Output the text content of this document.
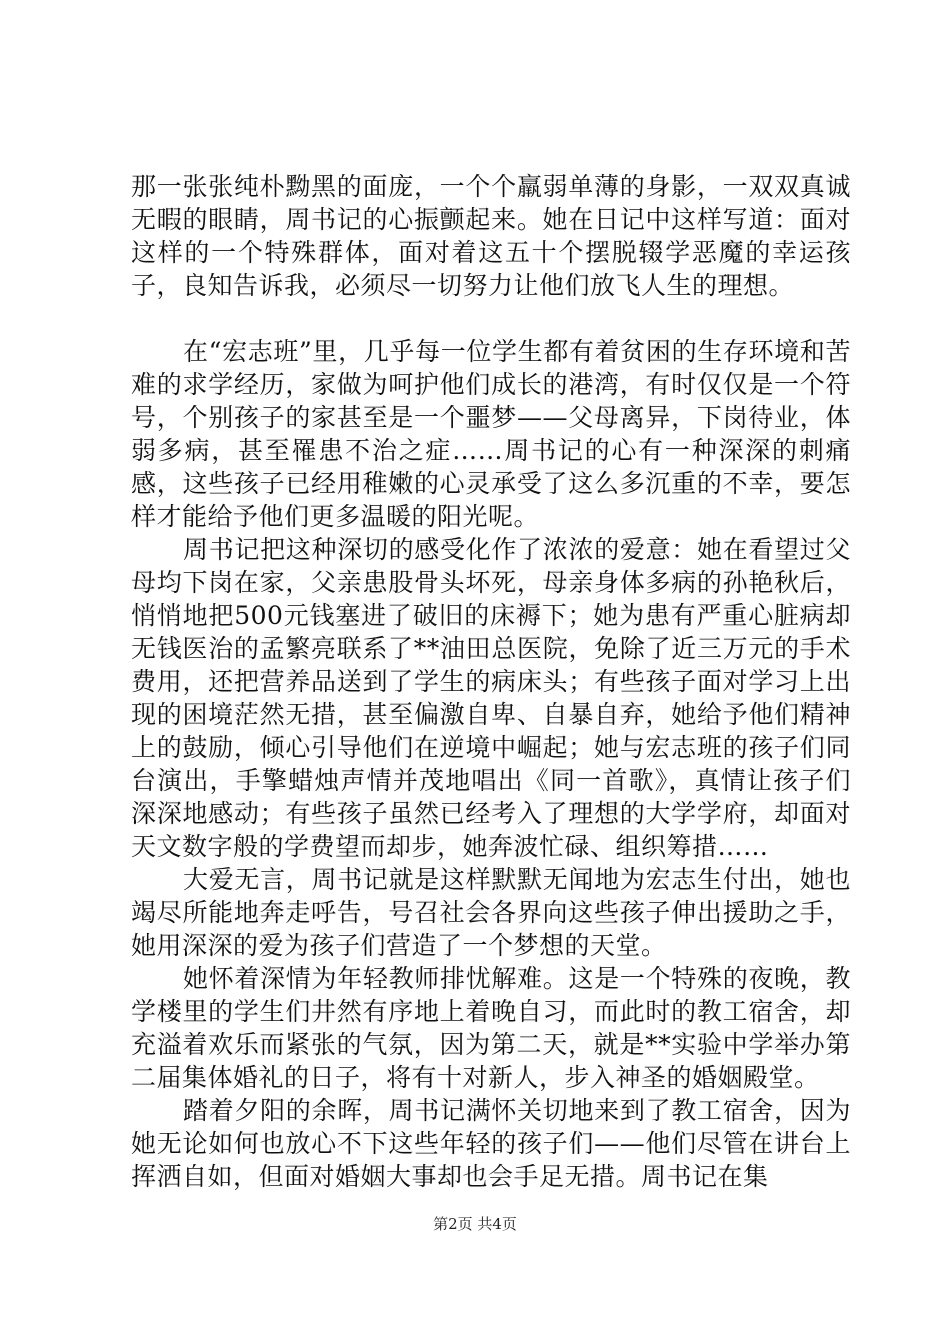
那一张张纯朴黝黑的面庞，一个个羸弱单薄的身影，一双双真诚无暇的眼睛，周书记的心振颤起来。她在日记中这样写道：面对这样的一个特殊群体，面对着这五十个摆脱辍学恶魔的幸运孩子，良知告诉我，必须尽一切努力让他们放飞人生的理想。

在“宏志班”里，几乎每一位学生都有着贫困的生存环境和苦难的求学经历，家做为呵护他们成长的港湾，有时仅仅是一个符号，个别孩子的家甚至是一个噩梦——父母离异，下岗待业，体弱多病，甚至罹患不治之症……周书记的心有一种深深的刺痛感，这些孩子已经用稚嫩的心灵承受了这么多沉重的不幸，要怎样才能给予他们更多温暖的阳光呢。

周书记把这种深切的感受化作了浓浓的爱意：她在看望过父母均下岗在家，父亲患股骨头坏死，母亲身体多病的孙艳秋后，悄悄地把500元钱塞进了破旧的床褥下；她为患有严重心脏病却无钱医治的孟繁亮联系了**油田总医院，免除了近三万元的手术费用，还把营养品送到了学生的病床头；有些孩子面对学习上出现的困境茫然无措，甚至偏激自卑、自暴自弃，她给予他们精神上的鼓励，倾心引导他们在逆境中崛起；她与宏志班的孩子们同台演出，手擎蜡烛声情并茂地唱出《同一首歌》，真情让孩子们深深地感动；有些孩子虽然已经考入了理想的大学学府，却面对天文数字般的学费望而却步，她奔波忙碌、组织筹措……

大爱无言，周书记就是这样默默无闻地为宏志生付出，她也竭尽所能地奔走呼告，号召社会各界向这些孩子伸出援助之手，她用深深的爱为孩子们营造了一个梦想的天堂。

她怀着深情为年轻教师排忧解难。这是一个特殊的夜晚，教学楼里的学生们井然有序地上着晚自习，而此时的教工宿舍，却充溢着欢乐而紧张的气氛，因为第二天，就是**实验中学举办第二届集体婚礼的日子，将有十对新人，步入神圣的婚姻殿堂。

踏着夕阳的余晖，周书记满怀关切地来到了教工宿舍，因为她无论如何也放心不下这些年轻的孩子们——他们尽管在讲台上挥洒自如，但面对婚姻大事却也会手足无措。周书记在集

第2页 共4页
